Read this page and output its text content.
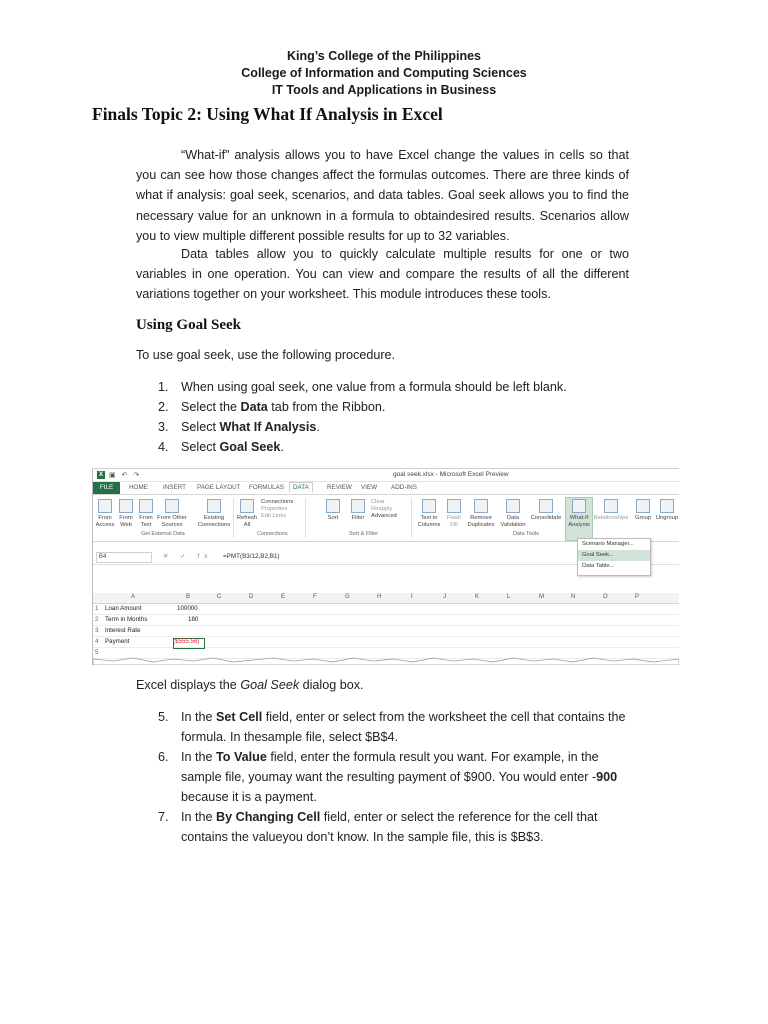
King’s College of the Philippines
College of Information and Computing Sciences
IT Tools and Applications in Business
Finals Topic 2: Using What If Analysis in Excel
“What-if” analysis allows you to have Excel change the values in cells so that you can see how those changes affect the formulas outcomes. There are three kinds of what if analysis: goal seek, scenarios, and data tables. Goal seek allows you to find the necessary value for an unknown in a formula to obtaindesired results. Scenarios allow you to view multiple different possible results for up to 32 variables.
Data tables allow you to quickly calculate multiple results for one or two variables in one operation. You can view and compare the results of all the different variations together on your worksheet. This module introduces these tools.
Using Goal Seek
To use goal seek, use the following procedure.
1. When using goal seek, one value from a formula should be left blank.
2. Select the Data tab from the Ribbon.
3. Select What If Analysis.
4. Select Goal Seek.
X ▣ ↶ ↷	goal seek.xlsx - Microsoft Excel Preview
FILE	HOME INSERT PAGE LAYOUT FORMULAS	DATA	REVIEW VIEW ADD-INS
From Access
From Web
From Text
From Other Sources
Existing Connections
Refresh All
Connections
Properties
Edit Links	Sort	Filter
Clear
Reapply
Advanced	Text to Columns
Flash Fill
Remove Duplicates
Data Validation
Consolidate	What-If Analysis
Relationships	Group Ungroup
Get External Data	Connections	Sort & Filter	Data Tools
Scenario Manager...
Goal Seek...
Data Table...
B4	✕ ✓ fx =PMT(B3/12,B2,B1)
A	B	C	D	E	F	G	H	I	J	K	L	M	N	O	P
1 Loan Amount	100000
2 Term in Months	180
3 Interest Rate
4 Payment	($555.56)
5
Excel displays the Goal Seek dialog box.
5. In the Set Cell field, enter or select from the worksheet the cell that contains the formula. In thesample file, select $B$4.
6. In the To Value field, enter the formula result you want. For example, in the sample file, youmay want the resulting payment of $900. You would enter -900 because it is a payment.
7. In the By Changing Cell field, enter or select the reference for the cell that contains the valueyou don’t know. In the sample file, this is $B$3.
